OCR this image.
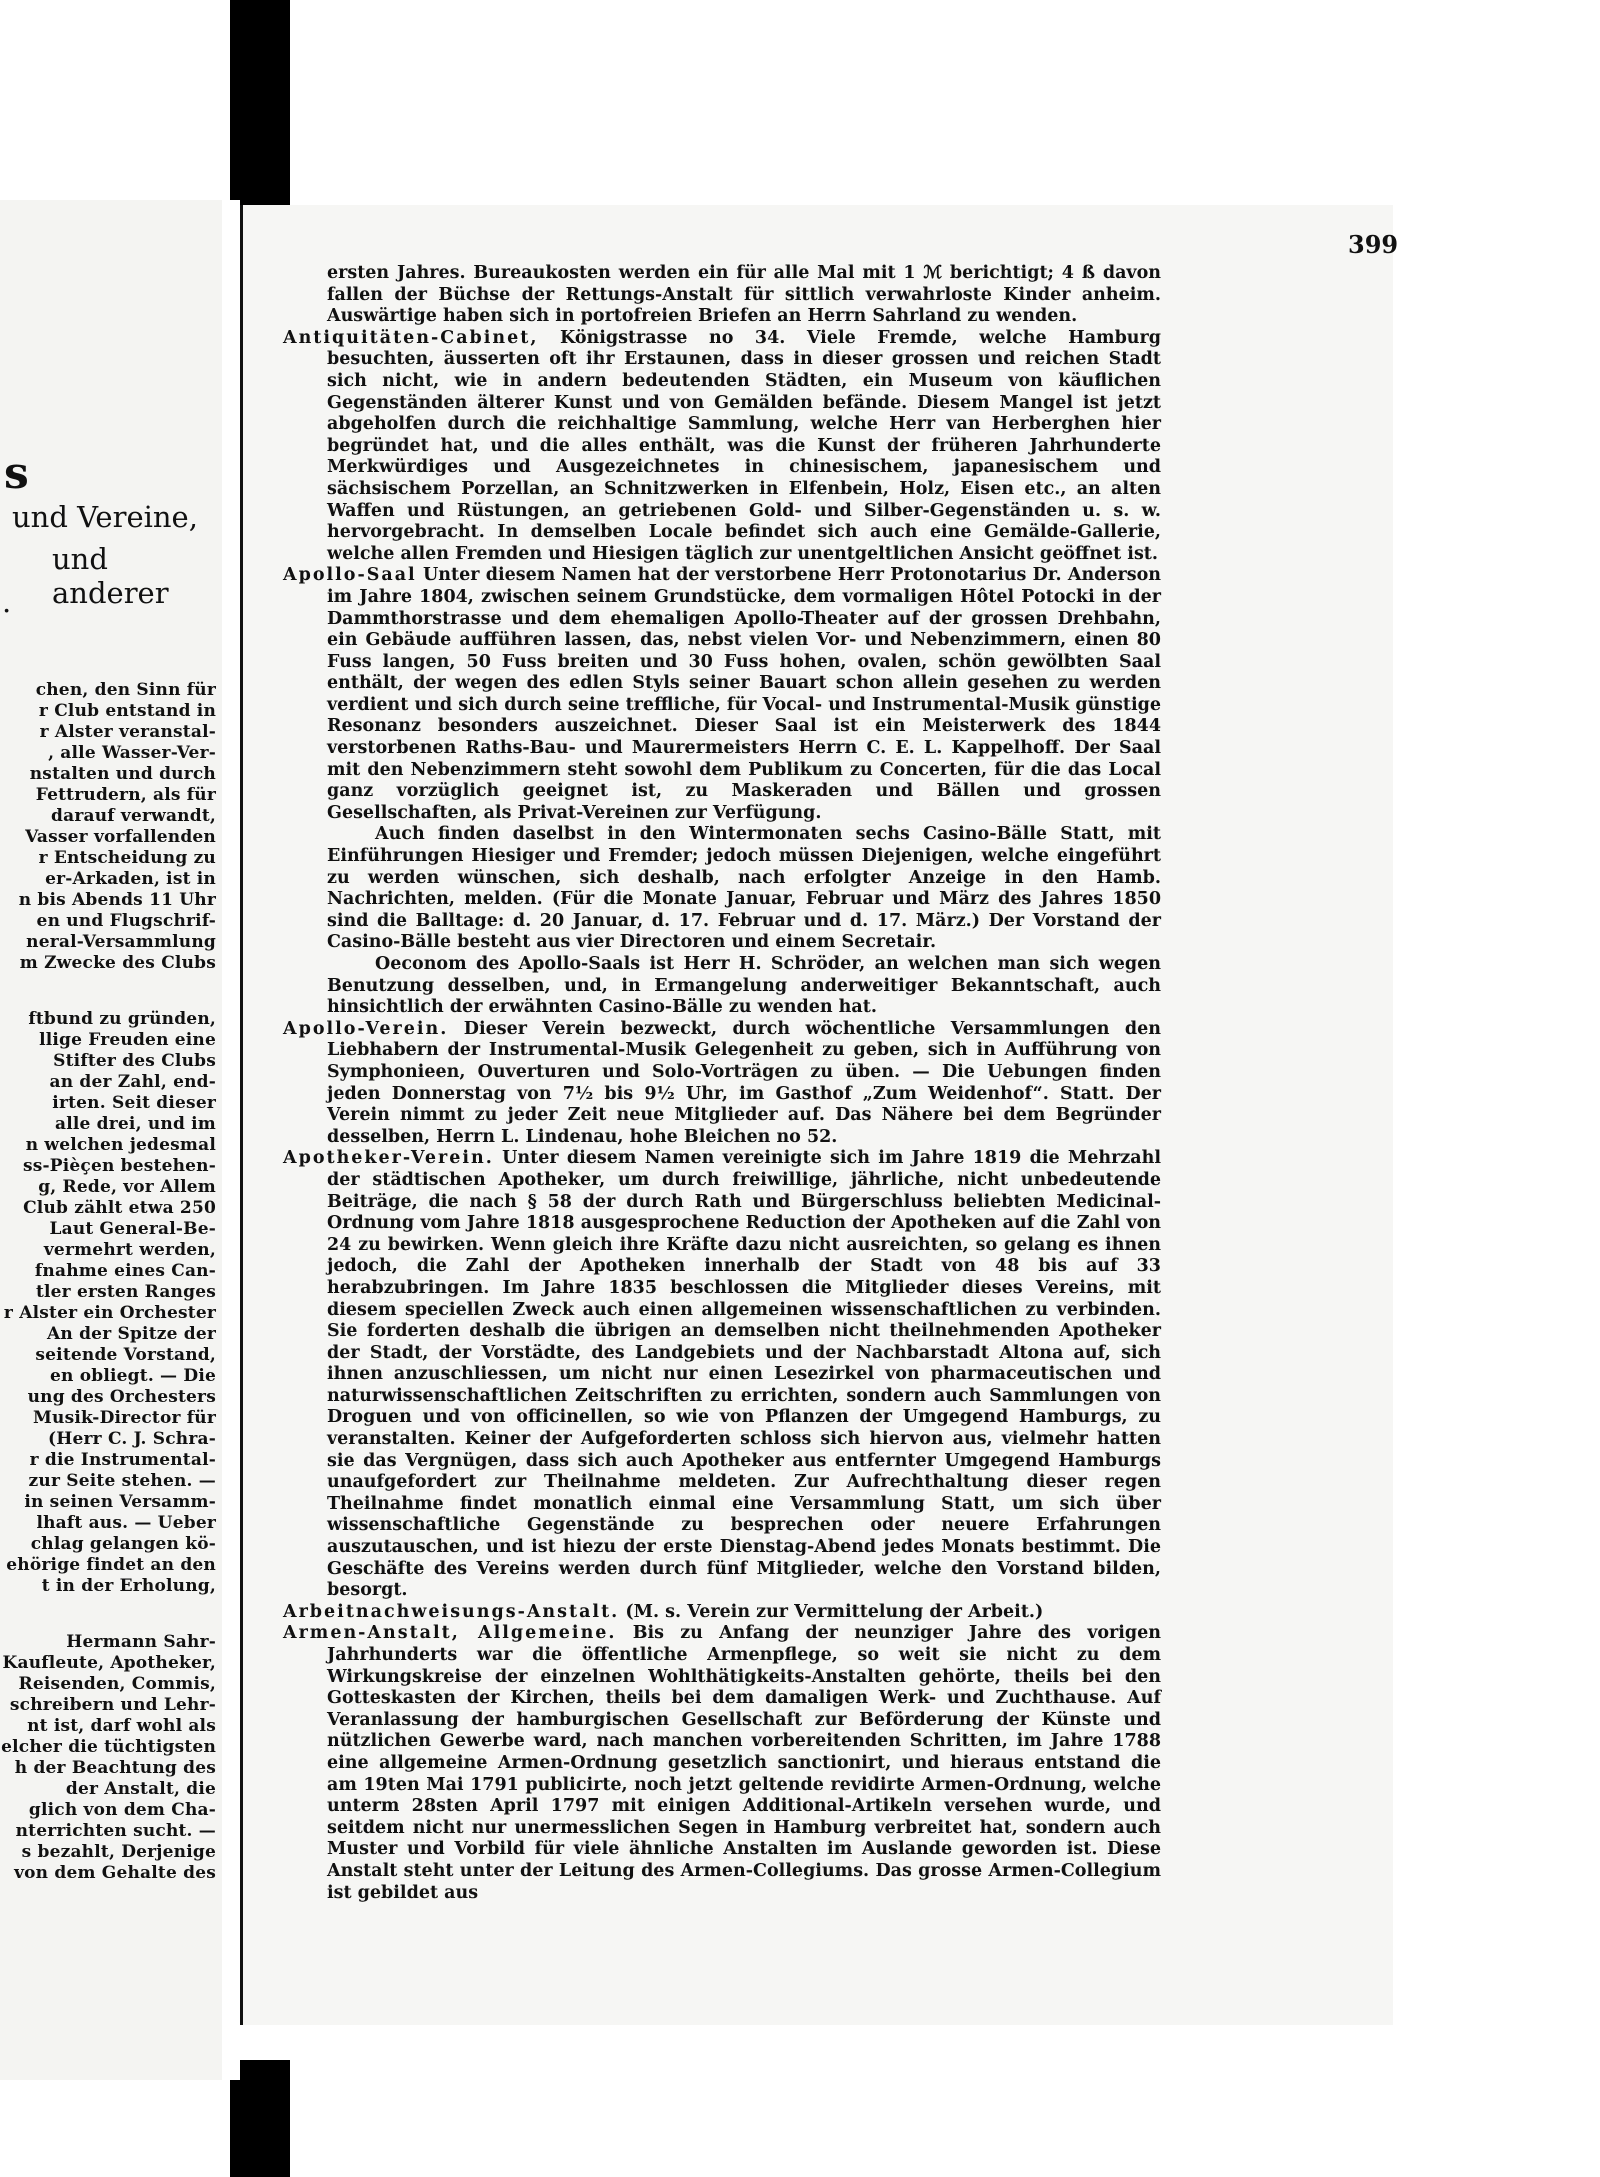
s
und Vereine,
und anderer
.
chen, den Sinn für
r Club entstand in
r Alster veranstal-
, alle Wasser-Ver-
nstalten und durch
Fettrudern, als für
darauf verwandt,
Vasser vorfallenden
r Entscheidung zu
er-Arkaden, ist in
n bis Abends 11 Uhr
en und Flugschrif-
neral-Versammlung
m Zwecke des Clubs
ftbund zu gründen,
llige Freuden eine
Stifter des Clubs
an der Zahl, end-
irten. Seit dieser
alle drei, und im
n welchen jedesmal
ss-Pièçen bestehen-
g, Rede, vor Allem
Club zählt etwa 250
Laut General-Be-
vermehrt werden,
fnahme eines Can-
tler ersten Ranges
r Alster ein Orchester
An der Spitze der
seitende Vorstand,
en obliegt. — Die
ung des Orchesters
Musik-Director für
(Herr C. J. Schra-
r die Instrumental-
zur Seite stehen. —
in seinen Versamm-
lhaft aus. — Ueber
chlag gelangen kö-
ehörige findet an den
t in der Erholung,
Hermann Sahr-
Kaufleute, Apotheker,
Reisenden, Commis,
schreibern und Lehr-
nt ist, darf wohl als
elcher die tüchtigsten
h der Beachtung des
der Anstalt, die
glich von dem Cha-
nterrichten sucht. —
s bezahlt, Derjenige
von dem Gehalte des
399
ersten Jahres. Bureaukosten werden ein für alle Mal mit 1 ℳ berichtigt; 4 ß davon fallen der Büchse der Rettungs-Anstalt für sittlich verwahrloste Kinder anheim. Auswärtige haben sich in portofreien Briefen an Herrn Sahrland zu wenden.
Antiquitäten-Cabinet, Königstrasse no 34. Viele Fremde, welche Hamburg besuchten, äusserten oft ihr Erstaunen, dass in dieser grossen und reichen Stadt sich nicht, wie in andern bedeutenden Städten, ein Museum von käuflichen Gegenständen älterer Kunst und von Gemälden befände. Diesem Mangel ist jetzt abgeholfen durch die reichhaltige Sammlung, welche Herr van Herberghen hier begründet hat, und die alles enthält, was die Kunst der früheren Jahrhunderte Merkwürdiges und Ausgezeichnetes in chinesischem, japanesischem und sächsischem Porzellan, an Schnitzwerken in Elfenbein, Holz, Eisen etc., an alten Waffen und Rüstungen, an getriebenen Gold- und Silber-Gegenständen u. s. w. hervorgebracht. In demselben Locale befindet sich auch eine Gemälde-Gallerie, welche allen Fremden und Hiesigen täglich zur unentgeltlichen Ansicht geöffnet ist.
Apollo-Saal Unter diesem Namen hat der verstorbene Herr Protonotarius Dr. Anderson im Jahre 1804, zwischen seinem Grundstücke, dem vormaligen Hôtel Potocki in der Dammthorstrasse und dem ehemaligen Apollo-Theater auf der grossen Drehbahn, ein Gebäude aufführen lassen, das, nebst vielen Vor- und Nebenzimmern, einen 80 Fuss langen, 50 Fuss breiten und 30 Fuss hohen, ovalen, schön gewölbten Saal enthält, der wegen des edlen Styls seiner Bauart schon allein gesehen zu werden verdient und sich durch seine treffliche, für Vocal- und Instrumental-Musik günstige Resonanz besonders auszeichnet. Dieser Saal ist ein Meisterwerk des 1844 verstorbenen Raths-Bau- und Maurermeisters Herrn C. E. L. Kappelhoff. Der Saal mit den Nebenzimmern steht sowohl dem Publikum zu Concerten, für die das Local ganz vorzüglich geeignet ist, zu Maskeraden und Bällen und grossen Gesellschaften, als Privat-Vereinen zur Verfügung.

Auch finden daselbst in den Wintermonaten sechs Casino-Bälle Statt, mit Einführungen Hiesiger und Fremder; jedoch müssen Diejenigen, welche eingeführt zu werden wünschen, sich deshalb, nach erfolgter Anzeige in den Hamb. Nachrichten, melden. (Für die Monate Januar, Februar und März des Jahres 1850 sind die Balltage: d. 20 Januar, d. 17. Februar und d. 17. März.) Der Vorstand der Casino-Bälle besteht aus vier Directoren und einem Secretair.

Oeconom des Apollo-Saals ist Herr H. Schröder, an welchen man sich wegen Benutzung desselben, und, in Ermangelung anderweitiger Bekanntschaft, auch hinsichtlich der erwähnten Casino-Bälle zu wenden hat.

Apollo-Verein. Dieser Verein bezweckt, durch wöchentliche Versammlungen den Liebhabern der Instrumental-Musik Gelegenheit zu geben, sich in Aufführung von Symphonieen, Ouverturen und Solo-Vorträgen zu üben. — Die Uebungen finden jeden Donnerstag von 7½ bis 9½ Uhr, im Gasthof „Zum Weidenhof“. Statt. Der Verein nimmt zu jeder Zeit neue Mitglieder auf. Das Nähere bei dem Begründer desselben, Herrn L. Lindenau, hohe Bleichen no 52.
Apotheker-Verein. Unter diesem Namen vereinigte sich im Jahre 1819 die Mehrzahl der städtischen Apotheker, um durch freiwillige, jährliche, nicht unbedeutende Beiträge, die nach § 58 der durch Rath und Bürgerschluss beliebten Medicinal-Ordnung vom Jahre 1818 ausgesprochene Reduction der Apotheken auf die Zahl von 24 zu bewirken. Wenn gleich ihre Kräfte dazu nicht ausreichten, so gelang es ihnen jedoch, die Zahl der Apotheken innerhalb der Stadt von 48 bis auf 33 herabzubringen. Im Jahre 1835 beschlossen die Mitglieder dieses Vereins, mit diesem speciellen Zweck auch einen allgemeinen wissenschaftlichen zu verbinden. Sie forderten deshalb die übrigen an demselben nicht theilnehmenden Apotheker der Stadt, der Vorstädte, des Landgebiets und der Nachbarstadt Altona auf, sich ihnen anzuschliessen, um nicht nur einen Lesezirkel von pharmaceutischen und naturwissenschaftlichen Zeitschriften zu errichten, sondern auch Sammlungen von Droguen und von officinellen, so wie von Pflanzen der Umgegend Hamburgs, zu veranstalten. Keiner der Aufgeforderten schloss sich hiervon aus, vielmehr hatten sie das Vergnügen, dass sich auch Apotheker aus entfernter Umgegend Hamburgs unaufgefordert zur Theilnahme meldeten. Zur Aufrechthaltung dieser regen Theilnahme findet monatlich einmal eine Versammlung Statt, um sich über wissenschaftliche Gegenstände zu besprechen oder neuere Erfahrungen auszutauschen, und ist hiezu der erste Dienstag-Abend jedes Monats bestimmt. Die Geschäfte des Vereins werden durch fünf Mitglieder, welche den Vorstand bilden, besorgt.
Arbeitnachweisungs-Anstalt. (M. s. Verein zur Vermittelung der Arbeit.)
Armen-Anstalt, Allgemeine. Bis zu Anfang der neunziger Jahre des vorigen Jahrhunderts war die öffentliche Armenpflege, so weit sie nicht zu dem Wirkungskreise der einzelnen Wohlthätigkeits-Anstalten gehörte, theils bei den Gotteskasten der Kirchen, theils bei dem damaligen Werk- und Zuchthause. Auf Veranlassung der hamburgischen Gesellschaft zur Beförderung der Künste und nützlichen Gewerbe ward, nach manchen vorbereitenden Schritten, im Jahre 1788 eine allgemeine Armen-Ordnung gesetzlich sanctionirt, und hieraus entstand die am 19ten Mai 1791 publicirte, noch jetzt geltende revidirte Armen-Ordnung, welche unterm 28sten April 1797 mit einigen Additional-Artikeln versehen wurde, und seitdem nicht nur unermesslichen Segen in Hamburg verbreitet hat, sondern auch Muster und Vorbild für viele ähnliche Anstalten im Auslande geworden ist. Diese Anstalt steht unter der Leitung des Armen-Collegiums. Das grosse Armen-Collegium ist gebildet aus
